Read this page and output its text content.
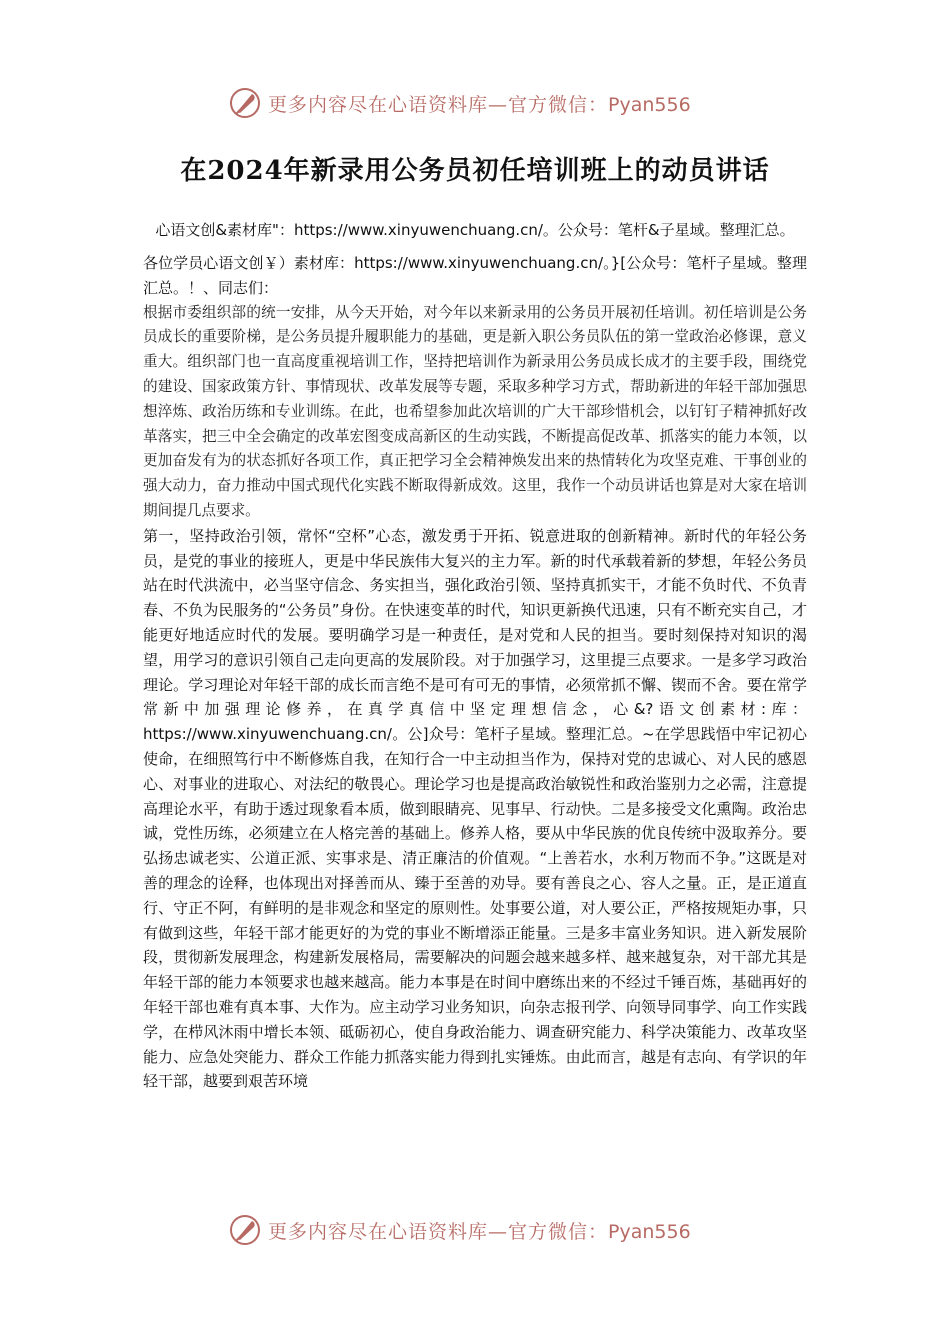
更多内容尽在心语资料库—官方微信：Pyan556
在2024年新录用公务员初任培训班上的动员讲话

心语文创&素材库"：https://www.xinyuwenchuang.cn/。公众号：笔杆&子星域。整理汇总。

各位学员心语文创￥）素材库：https://www.xinyuwenchuang.cn/。}[公众号：笔杆子星域。整理汇总。！、同志们：

根据市委组织部的统一安排，从今天开始，对今年以来新录用的公务员开展初任培训。初任培训是公务员成长的重要阶梯，是公务员提升履职能力的基础，更是新入职公务员队伍的第一堂政治必修课，意义重大。组织部门也一直高度重视培训工作，坚持把培训作为新录用公务员成长成才的主要手段，围绕党的建设、国家政策方针、事情现状、改革发展等专题，采取多种学习方式，帮助新进的年轻干部加强思想淬炼、政治历练和专业训练。在此，也希望参加此次培训的广大干部珍惜机会，以钉钉子精神抓好改革落实，把三中全会确定的改革宏图变成高新区的生动实践，不断提高促改革、抓落实的能力本领，以更加奋发有为的状态抓好各项工作，真正把学习全会精神焕发出来的热情转化为攻坚克难、干事创业的强大动力，奋力推动中国式现代化实践不断取得新成效。这里，我作一个动员讲话也算是对大家在培训期间提几点要求。

第一，坚持政治引领，常怀“空杯”心态，激发勇于开拓、锐意进取的创新精神。新时代的年轻公务员，是党的事业的接班人，更是中华民族伟大复兴的主力军。新的时代承载着新的梦想，年轻公务员站在时代洪流中，必当坚守信念、务实担当，强化政治引领、坚持真抓实干，才能不负时代、不负青春、不负为民服务的“公务员”身份。在快速变革的时代，知识更新换代迅速，只有不断充实自己，才能更好地适应时代的发展。要明确学习是一种责任，是对党和人民的担当。要时刻保持对知识的渴望，用学习的意识引领自己走向更高的发展阶段。对于加强学习，这里提三点要求。一是多学习政治理论。学习理论对年轻干部的成长而言绝不是可有可无的事情，必须常抓不懈、锲而不舍。要在常学常新中加强理论修养，在真学真信中坚定理想信念，心&?语文创素材:库：https://www.xinyuwenchuang.cn/。公]众号：笔杆子星域。整理汇总。~在学思践悟中牢记初心使命，在细照笃行中不断修炼自我，在知行合一中主动担当作为，保持对党的忠诚心、对人民的感恩心、对事业的进取心、对法纪的敬畏心。理论学习也是提高政治敏锐性和政治鉴别力之必需，注意提高理论水平，有助于透过现象看本质，做到眼睛亮、见事早、行动快。二是多接受文化熏陶。政治忠诚，党性历练，必须建立在人格完善的基础上。修养人格，要从中华民族的优良传统中汲取养分。要弘扬忠诚老实、公道正派、实事求是、清正廉洁的价值观。“上善若水，水利万物而不争。”这既是对善的理念的诠释，也体现出对择善而从、臻于至善的劝导。要有善良之心、容人之量。正，是正道直行、守正不阿，有鲜明的是非观念和坚定的原则性。处事要公道，对人要公正，严格按规矩办事，只有做到这些，年轻干部才能更好的为党的事业不断增添正能量。三是多丰富业务知识。进入新发展阶段，贯彻新发展理念，构建新发展格局，需要解决的问题会越来越多样、越来越复杂，对干部尤其是年轻干部的能力本领要求也越来越高。能力本事是在时间中磨练出来的不经过千锤百炼，基础再好的年轻干部也难有真本事、大作为。应主动学习业务知识，向杂志报刊学、向领导同事学、向工作实践学，在栉风沐雨中增长本领、砥砺初心，使自身政治能力、调查研究能力、科学决策能力、改革攻坚能力、应急处突能力、群众工作能力抓落实能力得到扎实锤炼。由此而言，越是有志向、有学识的年轻干部，越要到艰苦环境

更多内容尽在心语资料库—官方微信：Pyan556
